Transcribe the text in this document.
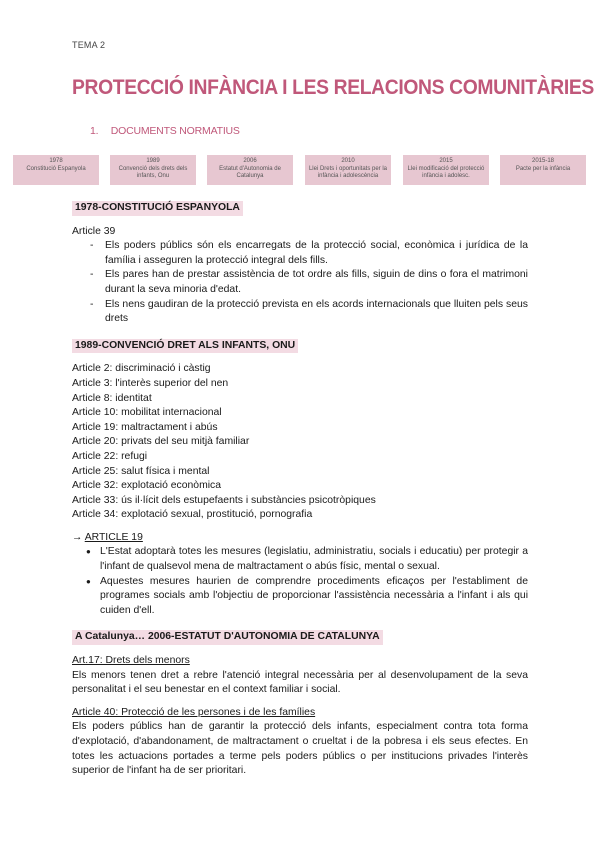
TEMA 2
PROTECCIÓ INFÀNCIA I LES RELACIONS COMUNITÀRIES
1. DOCUMENTS NORMATIUS
1978
Constitució Espanyola
1989
Convenció dels drets dels infants, Onu
2006
Estatut d'Autonomia de Catalunya
2010
Llei Drets i oportunitats per la infància i adolescència
2015
Llei modificació del protecció infància i adolesc.
2015-18
Pacte per la infància
1978-CONSTITUCIÓ ESPANYOLA
Article 39
- Els poders públics són els encarregats de la protecció social, econòmica i jurídica de la família i asseguren la protecció integral dels fills.
- Els pares han de prestar assistència de tot ordre als fills, siguin de dins o fora el matrimoni durant la seva minoria d'edat.
- Els nens gaudiran de la protecció prevista en els acords internacionals que lluiten pels seus drets
1989-CONVENCIÓ DRET ALS INFANTS, ONU
Article 2: discriminació i càstig
Article 3: l'interès superior del nen
Article 8: identitat
Article 10: mobilitat internacional
Article 19: maltractament i abús
Article 20: privats del seu mitjà familiar
Article 22: refugi
Article 25: salut física i mental
Article 32: explotació econòmica
Article 33: ús il·lícit dels estupefaents i substàncies psicotròpiques
Article 34: explotació sexual, prostitució, pornografia
→ ARTICLE 19
● L'Estat adoptarà totes les mesures (legislatiu, administratiu, socials i educatiu) per protegir a l'infant de qualsevol mena de maltractament o abús físic, mental o sexual.
● Aquestes mesures haurien de comprendre procediments eficaços per l'establiment de programes socials amb l'objectiu de proporcionar l'assistència necessària a l'infant i als qui cuiden d'ell.
A Catalunya… 2006-ESTATUT D'AUTONOMIA DE CATALUNYA
Art.17: Drets dels menors
Els menors tenen dret a rebre l'atenció integral necessària per al desenvolupament de la seva personalitat i el seu benestar en el context familiar i social.
Article 40: Protecció de les persones i de les famílies
Els poders públics han de garantir la protecció dels infants, especialment contra tota forma d'explotació, d'abandonament, de maltractament o crueltat i de la pobresa i els seus efectes. En totes les actuacions portades a terme pels poders públics o per institucions privades l'interès superior de l'infant ha de ser prioritari.
